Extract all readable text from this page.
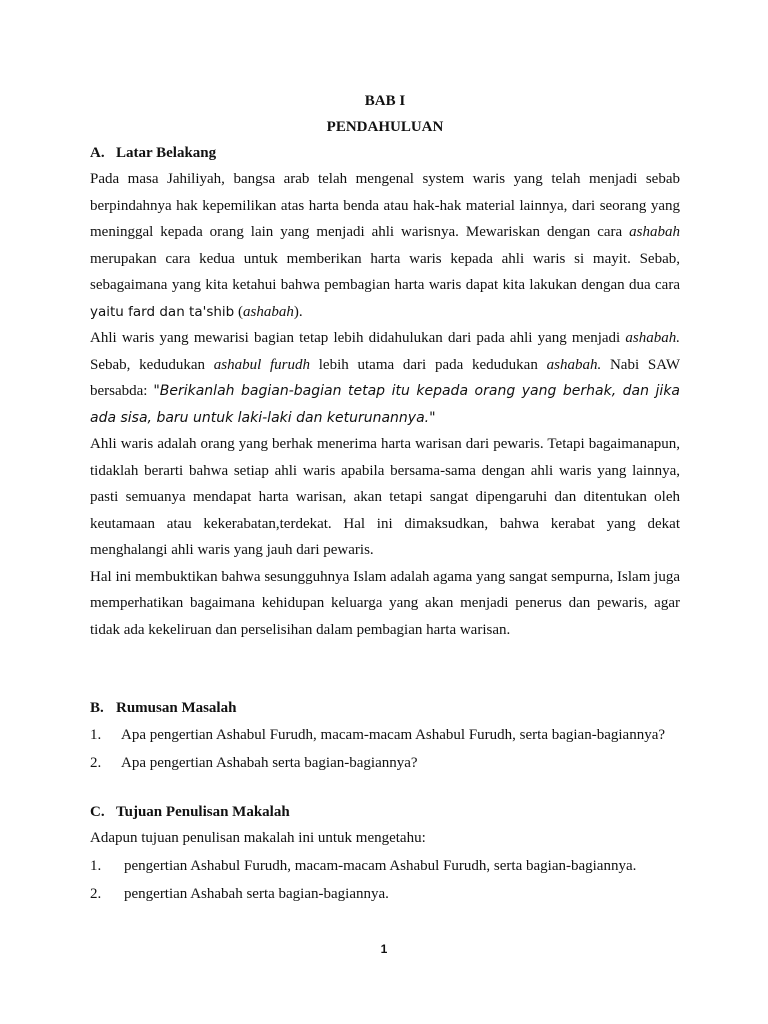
BAB I

PENDAHULUAN

A. Latar Belakang

Pada masa Jahiliyah, bangsa arab telah mengenal system waris yang telah menjadi sebab berpindahnya hak kepemilikan atas harta benda atau hak-hak material lainnya, dari seorang yang meninggal kepada orang lain yang menjadi ahli warisnya. Mewariskan dengan cara ashabah merupakan cara kedua untuk memberikan harta waris kepada ahli waris si mayit. Sebab, sebagaimana yang kita ketahui bahwa pembagian harta waris dapat kita lakukan dengan dua cara yaitu fard dan ta'shib (ashabah).

Ahli waris yang mewarisi bagian tetap lebih didahulukan dari pada ahli yang menjadi ashabah. Sebab, kedudukan ashabul furudh lebih utama dari pada kedudukan ashabah. Nabi SAW bersabda: "Berikanlah bagian-bagian tetap itu kepada orang yang berhak, dan jika ada sisa, baru untuk laki-laki dan keturunannya."

Ahli waris adalah orang yang berhak menerima harta warisan dari pewaris. Tetapi bagaimanapun, tidaklah berarti bahwa setiap ahli waris apabila bersama-sama dengan ahli waris yang lainnya, pasti semuanya mendapat harta warisan, akan tetapi sangat dipengaruhi dan ditentukan oleh keutamaan atau kekerabatan,terdekat. Hal ini dimaksudkan, bahwa kerabat yang dekat menghalangi ahli waris yang jauh dari pewaris.

Hal ini membuktikan bahwa sesungguhnya Islam adalah agama yang sangat sempurna, Islam juga memperhatikan bagaimana kehidupan keluarga yang akan menjadi penerus dan pewaris, agar tidak ada kekeliruan dan perselisihan dalam pembagian harta warisan.

B. Rumusan Masalah

1.	Apa pengertian Ashabul Furudh, macam-macam Ashabul Furudh, serta bagian-bagiannya?
2.	Apa pengertian Ashabah serta bagian-bagiannya?

C. Tujuan Penulisan Makalah

Adapun tujuan penulisan makalah ini untuk mengetahu:

1.	pengertian Ashabul Furudh, macam-macam Ashabul Furudh, serta bagian-bagiannya.
2.	pengertian Ashabah serta bagian-bagiannya.
1
